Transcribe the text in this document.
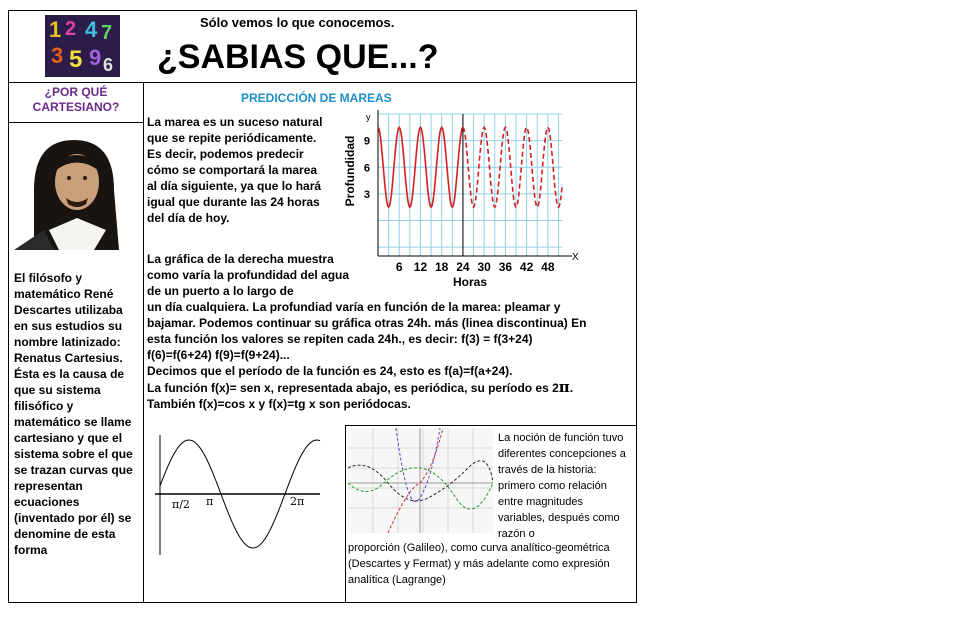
1 2 4 7
3 5 9 6
Sólo vemos lo que conocemos.
¿SABIAS QUE...?
¿POR QUÉ
CARTESIANO?
El filósofo y matemático René Descartes utilizaba en sus estudios su nombre latinizado: Renatus Cartesius. Ésta es la causa de que su sistema filisófico y matemático se llame cartesiano y que el sistema sobre el que se trazan curvas que representan ecuaciones (inventado por él) se denomine de esta forma
PREDICCIÓN DE MAREAS
La marea es un suceso natural que se repite periódicamente. Es decir, podemos predecir cómo se comportará la marea al día siguiente, ya que lo hará igual que durante las 24 horas del día de hoy.
La gráfica de la derecha muestra como varía la profundidad del agua de un puerto a lo largo de
un día cualquiera. La profundiad varía en función de la marea: pleamar y bajamar. Podemos continuar su gráfica otras 24h. más (linea discontinua) En esta función los valores se repiten cada 24h., es decir: f(3) = f(3+24) f(6)=f(6+24) f(9)=f(9+24)...
Decimos que el período de la función es 24, esto es f(a)=f(a+24).
La función f(x)= sen x, representada abajo, es periódica, su período es 2π. También f(x)=cos x y f(x)=tg x son periódocas.
6 12 18 24 30 36 42 48
3
6
9
Horas
Profundidad
y
X
π/2 π	2π
La noción de función tuvo diferentes concepciones a través de la historia: primero como relación entre magnitudes variables, después como razón o
proporción (Galileo), como curva analítico-geométrica (Descartes y Fermat) y más adelante como expresión analítica (Lagrange)
